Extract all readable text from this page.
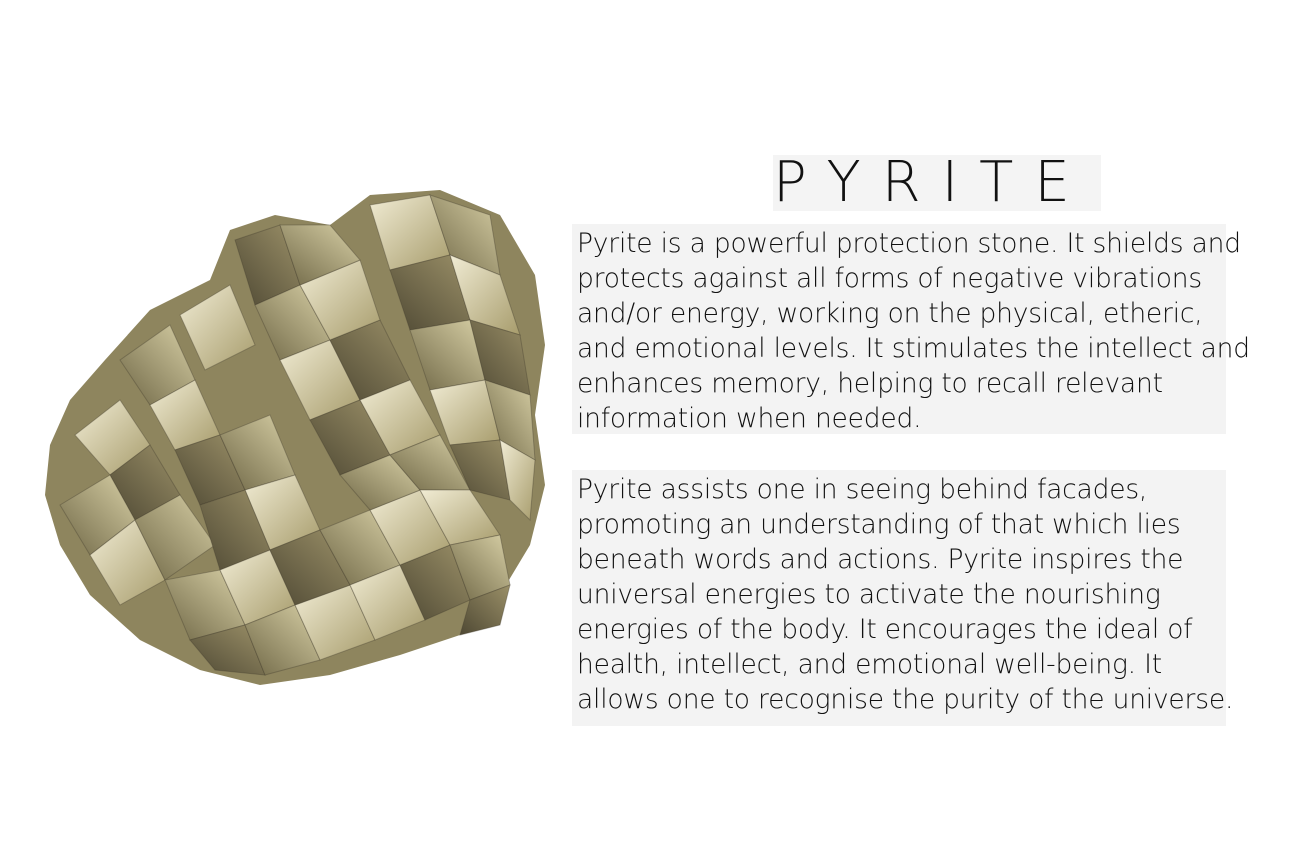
PYRITE
Pyrite is a powerful protection stone. It shields and
protects against all forms of negative vibrations
and/or energy, working on the physical, etheric,
and emotional levels. It stimulates the intellect and
enhances memory, helping to recall relevant
information when needed.
Pyrite assists one in seeing behind facades,
promoting an understanding of that which lies
beneath words and actions. Pyrite inspires the
universal energies to activate the nourishing
energies of the body. It encourages the ideal of
health, intellect, and emotional well-being. It
allows one to recognise the purity of the universe.
